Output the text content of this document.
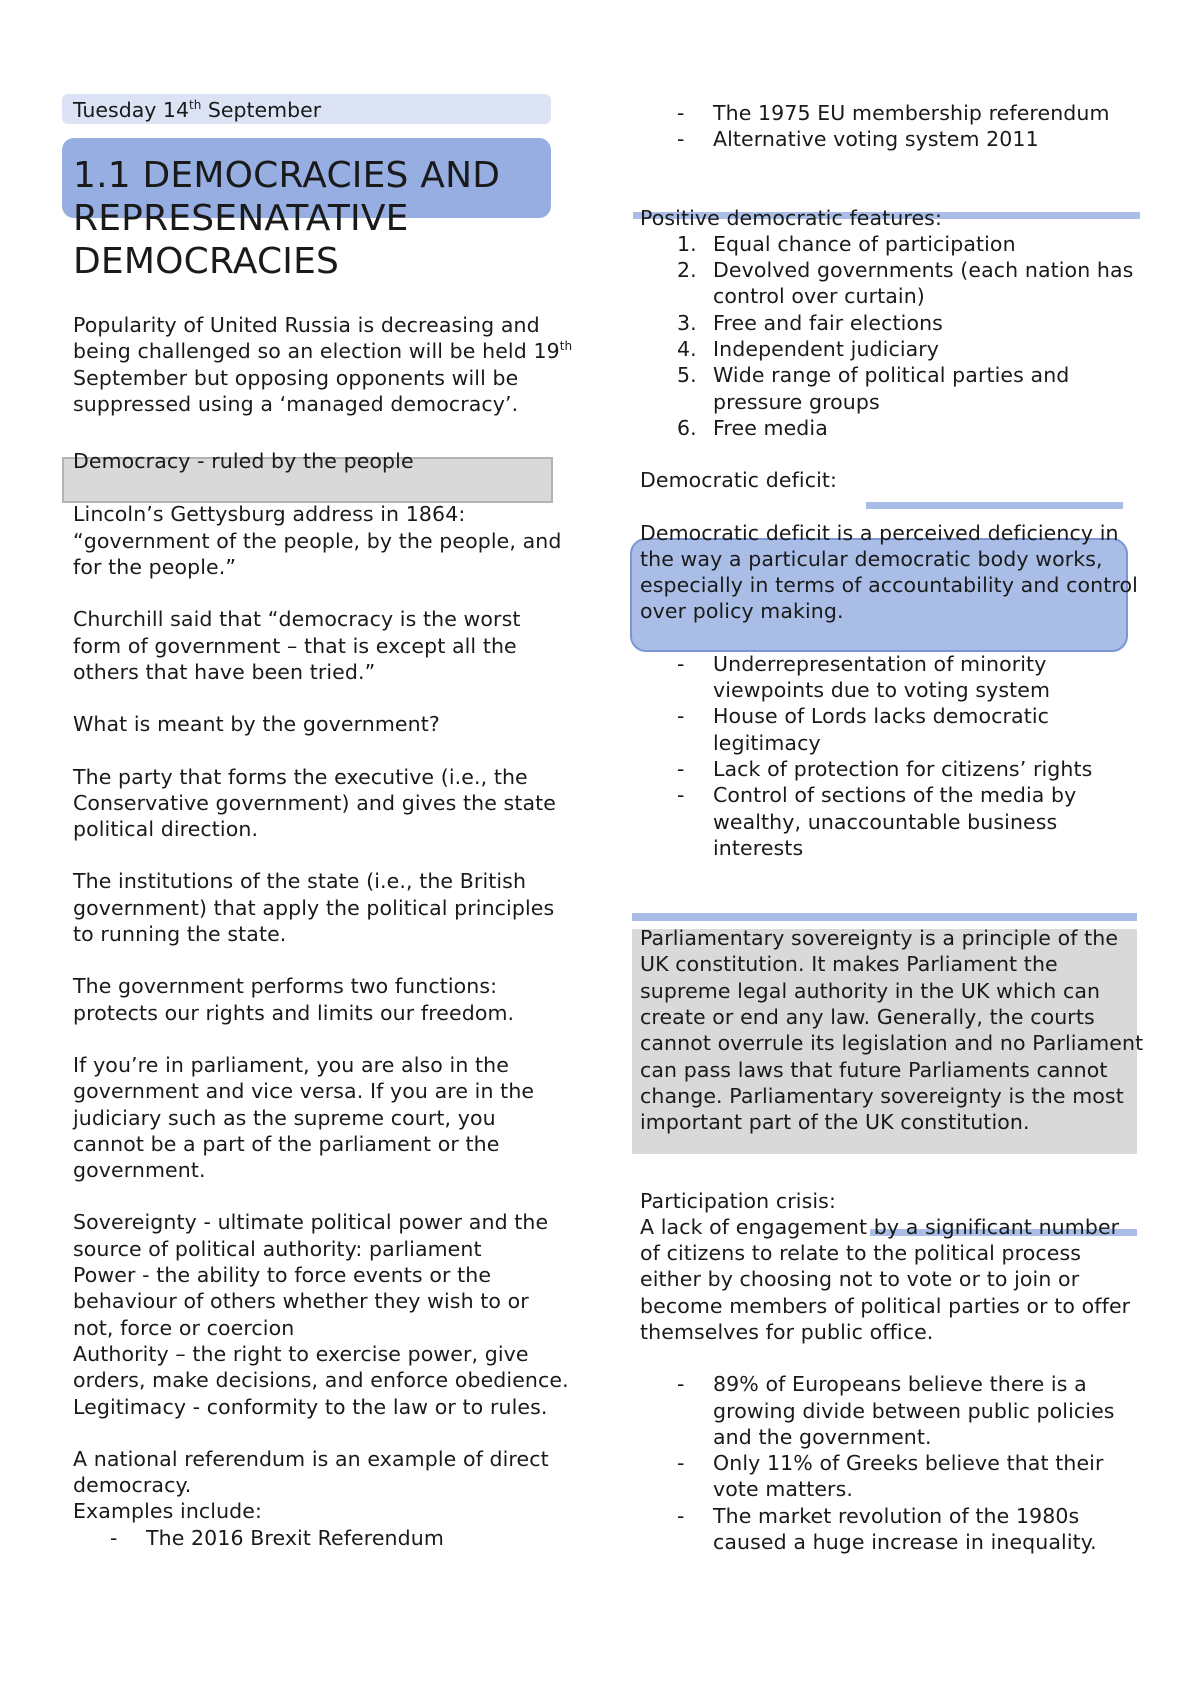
Tuesday 14th September
1.1 DEMOCRACIES AND REPRESENATATIVE DEMOCRACIES

Popularity of United Russia is decreasing and being challenged so an election will be held 19th September but opposing opponents will be suppressed using a ‘managed democracy’.

Democracy - ruled by the people

Lincoln’s Gettysburg address in 1864: “government of the people, by the people, and for the people.”

Churchill said that “democracy is the worst form of government – that is except all the others that have been tried.”

What is meant by the government?

The party that forms the executive (i.e., the Conservative government) and gives the state political direction.

The institutions of the state (i.e., the British government) that apply the political principles to running the state.

The government performs two functions: protects our rights and limits our freedom.

If you’re in parliament, you are also in the government and vice versa. If you are in the judiciary such as the supreme court, you cannot be a part of the parliament or the government.

Sovereignty - ultimate political power and the source of political authority: parliament

Power - the ability to force events or the behaviour of others whether they wish to or not, force or coercion

Authority – the right to exercise power, give orders, make decisions, and enforce obedience.

Legitimacy - conformity to the law or to rules.

A national referendum is an example of direct democracy.

Examples include:

- The 2016 Brexit Referendum
- The 1975 EU membership referendum
- Alternative voting system 2011

Positive democratic features:

1. Equal chance of participation
2. Devolved governments (each nation has control over curtain)
3. Free and fair elections
4. Independent judiciary
5. Wide range of political parties and pressure groups
6. Free media

Democratic deficit:

Democratic deficit is a perceived deficiency in the way a particular democratic body works, especially in terms of accountability and control over policy making.

- Underrepresentation of minority viewpoints due to voting system
- House of Lords lacks democratic legitimacy
- Lack of protection for citizens’ rights
- Control of sections of the media by wealthy, unaccountable business interests

Parliamentary sovereignty is a principle of the UK constitution. It makes Parliament the supreme legal authority in the UK which can create or end any law. Generally, the courts cannot overrule its legislation and no Parliament can pass laws that future Parliaments cannot change. Parliamentary sovereignty is the most important part of the UK constitution.

Participation crisis:

A lack of engagement by a significant number of citizens to relate to the political process either by choosing not to vote or to join or become members of political parties or to offer themselves for public office.

- 89% of Europeans believe there is a growing divide between public policies and the government.
- Only 11% of Greeks believe that their vote matters.
- The market revolution of the 1980s caused a huge increase in inequality.
